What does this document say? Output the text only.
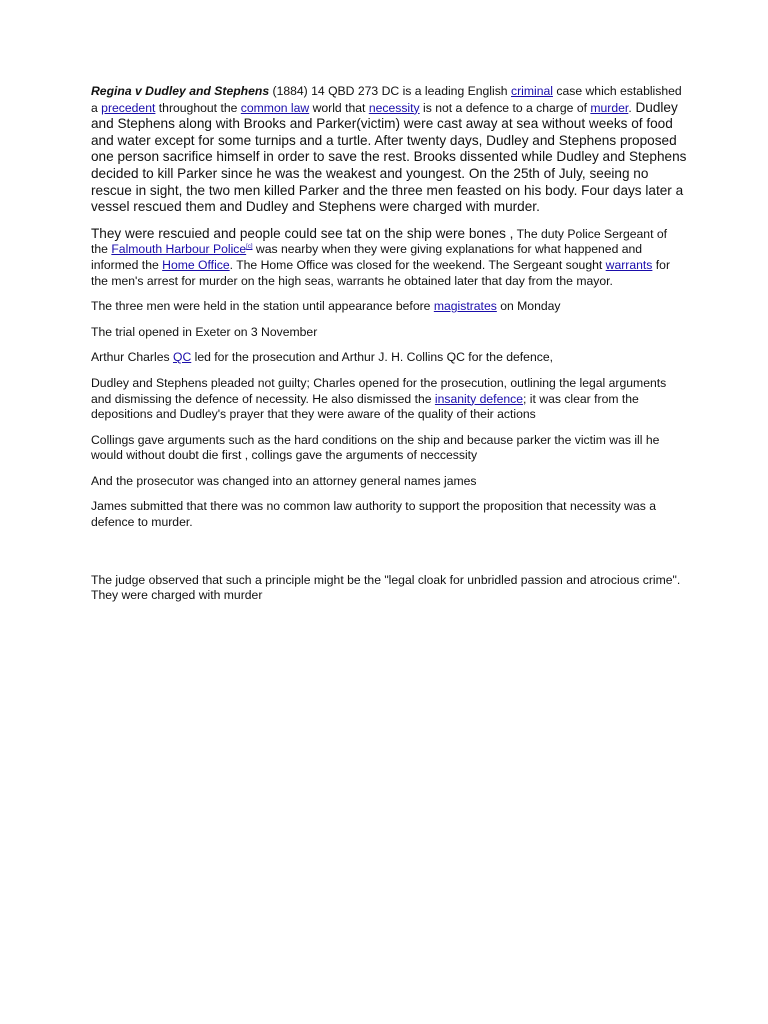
Regina v Dudley and Stephens (1884) 14 QBD 273 DC is a leading English criminal case which established a precedent throughout the common law world that necessity is not a defence to a charge of murder. Dudley and Stephens along with Brooks and Parker(victim) were cast away at sea without weeks of food and water except for some turnips and a turtle. After twenty days, Dudley and Stephens proposed one person sacrifice himself in order to save the rest. Brooks dissented while Dudley and Stephens decided to kill Parker since he was the weakest and youngest. On the 25th of July, seeing no rescue in sight, the two men killed Parker and the three men feasted on his body. Four days later a vessel rescued them and Dudley and Stephens were charged with murder.

They were rescuied and people could see tat on the ship were bones , The duty Police Sergeant of the Falmouth Harbour Police[c] was nearby when they were giving explanations for what happened and informed the Home Office. The Home Office was closed for the weekend. The Sergeant sought warrants for the men's arrest for murder on the high seas, warrants he obtained later that day from the mayor.

The three men were held in the station until appearance before magistrates on Monday

The trial opened in Exeter on 3 November

Arthur Charles QC led for the prosecution and Arthur J. H. Collins QC for the defence,

Dudley and Stephens pleaded not guilty; Charles opened for the prosecution, outlining the legal arguments and dismissing the defence of necessity. He also dismissed the insanity defence; it was clear from the depositions and Dudley's prayer that they were aware of the quality of their actions

Collings gave arguments such as the hard conditions on the ship and because parker the victim was ill he would without doubt die first , collings gave the arguments of neccessity

And the prosecutor was changed into an attorney general names james

James submitted that there was no common law authority to support the proposition that necessity was a defence to murder.

The judge observed that such a principle might be the "legal cloak for unbridled passion and atrocious crime". They were charged with murder
